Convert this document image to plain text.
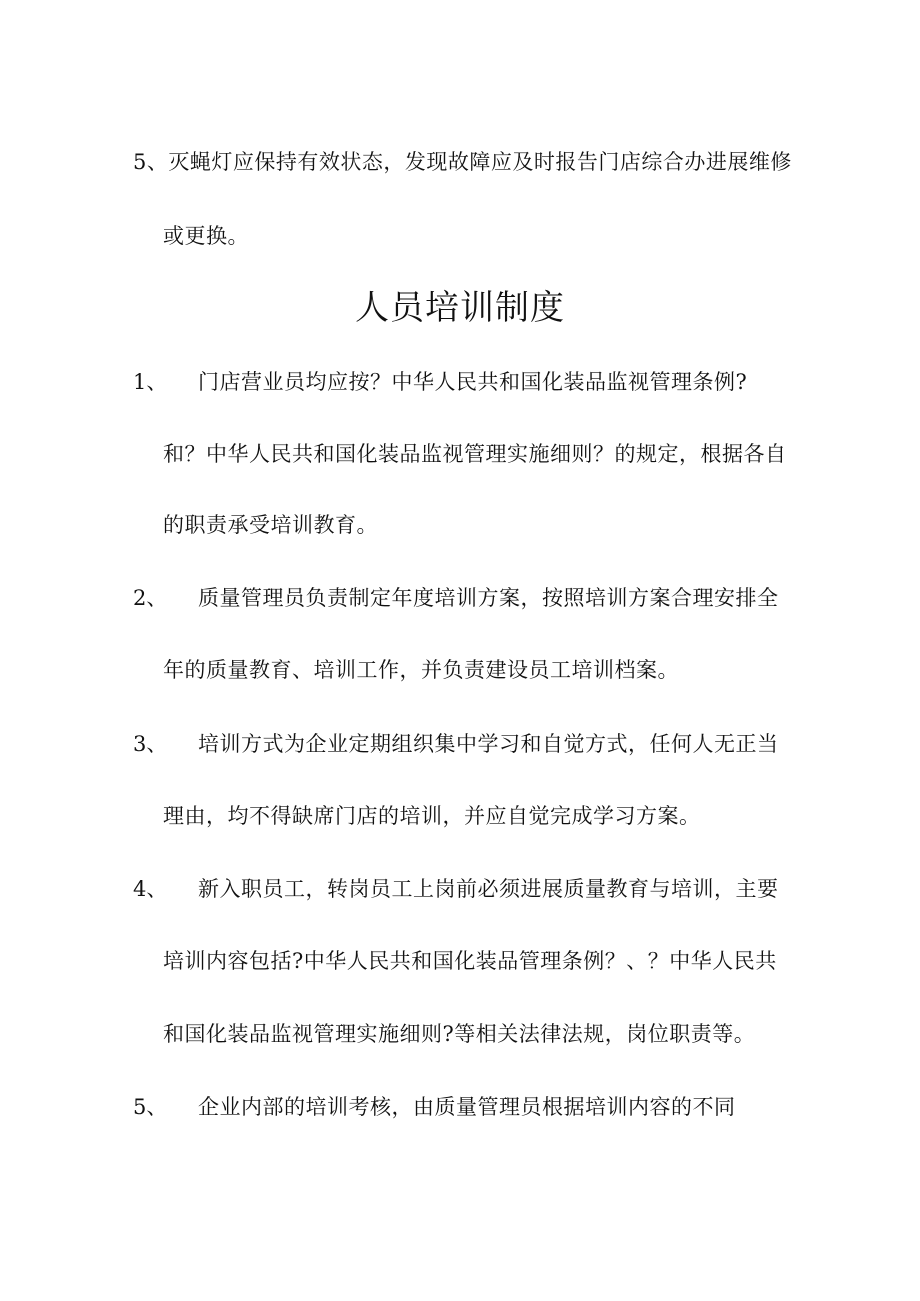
5、灭蝇灯应保持有效状态，发现故障应及时报告门店综合办进展维修
或更换。
人员培训制度
1、 门店营业员均应按？中华人民共和国化装品监视管理条例?
和？中华人民共和国化装品监视管理实施细则？的规定，根据各自
的职责承受培训教育。
2、 质量管理员负责制定年度培训方案，按照培训方案合理安排全
年的质量教育、培训工作，并负责建设员工培训档案。
3、 培训方式为企业定期组织集中学习和自觉方式，任何人无正当
理由，均不得缺席门店的培训，并应自觉完成学习方案。
4、 新入职员工，转岗员工上岗前必须进展质量教育与培训，主要
培训内容包括?中华人民共和国化装品管理条例？、？中华人民共
和国化装品监视管理实施细则?等相关法律法规，岗位职责等。
5、 企业内部的培训考核，由质量管理员根据培训内容的不同
